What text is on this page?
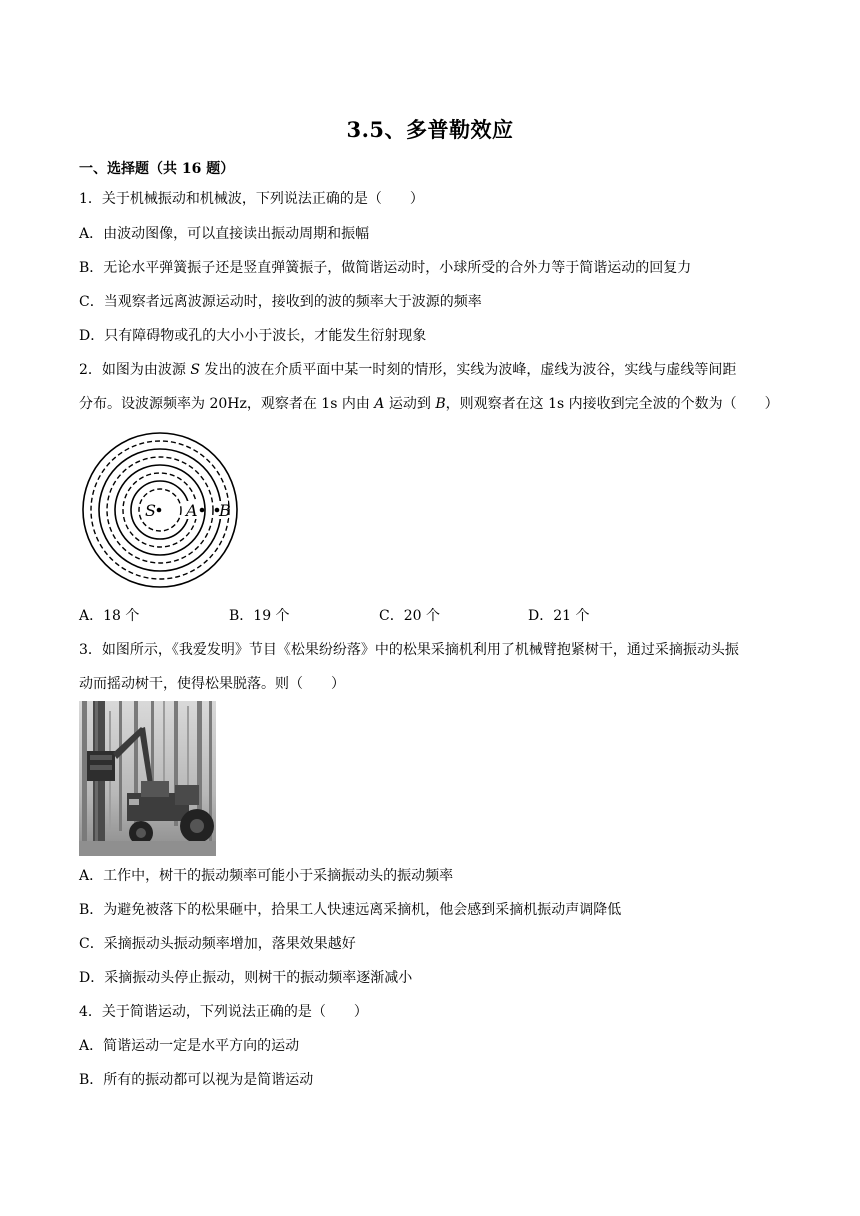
3.5、多普勒效应
一、选择题（共 16 题）
1．关于机械振动和机械波，下列说法正确的是（　　）
A．由波动图像，可以直接读出振动周期和振幅
B．无论水平弹簧振子还是竖直弹簧振子，做简谐运动时，小球所受的合外力等于简谐运动的回复力
C．当观察者远离波源运动时，接收到的波的频率大于波源的频率
D．只有障碍物或孔的大小小于波长，才能发生衍射现象
2．如图为由波源 S 发出的波在介质平面中某一时刻的情形，实线为波峰，虚线为波谷，实线与虚线等间距
分布。设波源频率为 20Hz，观察者在 1s 内由 A 运动到 B，则观察者在这 1s 内接收到完全波的个数为（　　）
S A B
A．18 个	B．19 个	C．20 个	D．21 个
3．如图所示，《我爱发明》节目《松果纷纷落》中的松果采摘机利用了机械臂抱紧树干，通过采摘振动头振
动而摇动树干，使得松果脱落。则（　　）
A．工作中，树干的振动频率可能小于采摘振动头的振动频率
B．为避免被落下的松果砸中，拾果工人快速远离采摘机，他会感到采摘机振动声调降低
C．采摘振动头振动频率增加，落果效果越好
D．采摘振动头停止振动，则树干的振动频率逐渐减小
4．关于简谐运动，下列说法正确的是（　　）
A．简谐运动一定是水平方向的运动
B．所有的振动都可以视为是简谐运动
